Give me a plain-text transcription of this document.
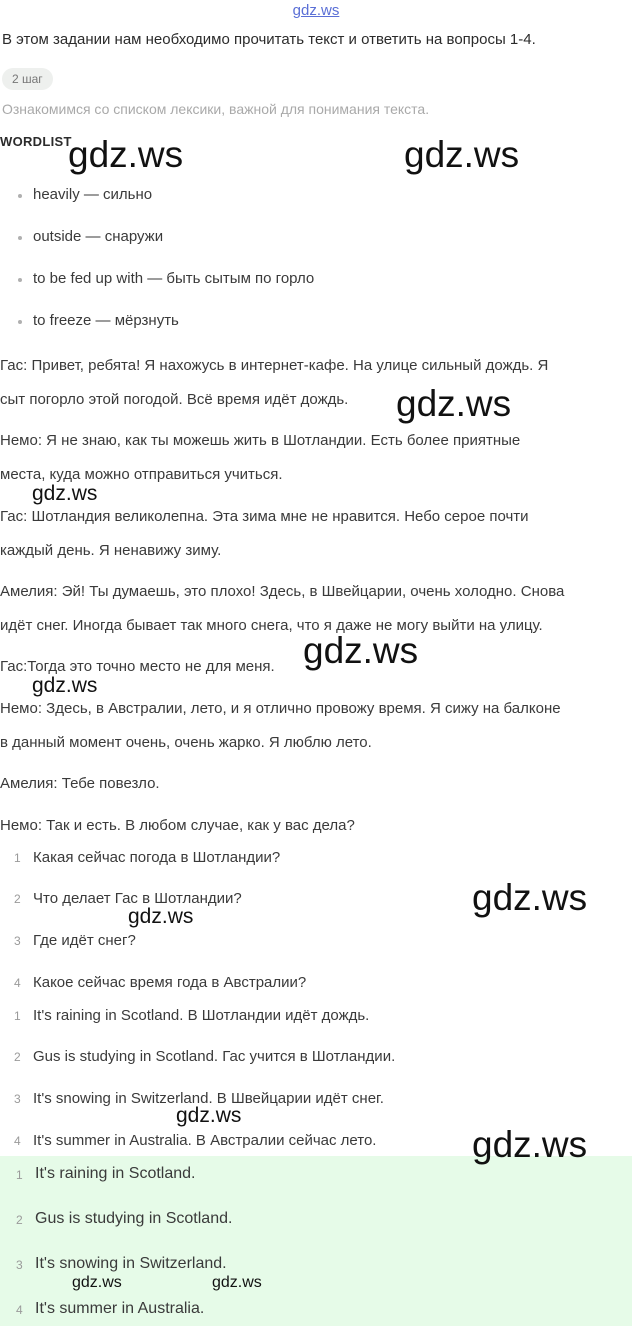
gdz.ws
В этом задании нам необходимо прочитать текст и ответить на вопросы 1-4.
2 шаг
Ознакомимся со списком лексики, важной для понимания текста.
WORDLIST
heavily — сильно
outside — снаружи
to be fed up with — быть сытым по горло
to freeze — мёрзнуть
Гас: Привет, ребята! Я нахожусь в интернет-кафе. На улице сильный дождь. Я
сыт погорло этой погодой. Всё время идёт дождь.
Немо: Я не знаю, как ты можешь жить в Шотландии. Есть более приятные
места, куда можно отправиться учиться.
Гас: Шотландия великолепна. Эта зима мне не нравится. Небо серое почти
каждый день. Я ненавижу зиму.
Амелия: Эй! Ты думаешь, это плохо! Здесь, в Швейцарии, очень холодно. Снова
идёт снег. Иногда бывает так много снега, что я даже не могу выйти на улицу.
Гас:Тогда это точно место не для меня.
Немо: Здесь, в Австралии, лето, и я отлично провожу время. Я сижу на балконе
в данный момент очень, очень жарко. Я люблю лето.
Амелия: Тебе повезло.
Немо: Так и есть. В любом случае, как у вас дела?
1 Какая сейчас погода в Шотландии?
2 Что делает Гас в Шотландии?
3 Где идёт снег?
4 Какое сейчас время года в Австралии?
1 It's raining in Scotland. В Шотландии идёт дождь.
2 Gus is studying in Scotland. Гас учится в Шотландии.
3 It's snowing in Switzerland. В Швейцарии идёт снег.
4 It's summer in Australia. В Австралии сейчас лето.
1 It's raining in Scotland.
2 Gus is studying in Scotland.
3 It's snowing in Switzerland.
4 It's summer in Australia.
gdz.ws	gdz.ws
gdz.ws
gdz.ws
gdz.ws
gdz.ws
gdz.ws
gdz.ws
gdz.ws
gdz.ws
gdz.ws	gdz.ws
